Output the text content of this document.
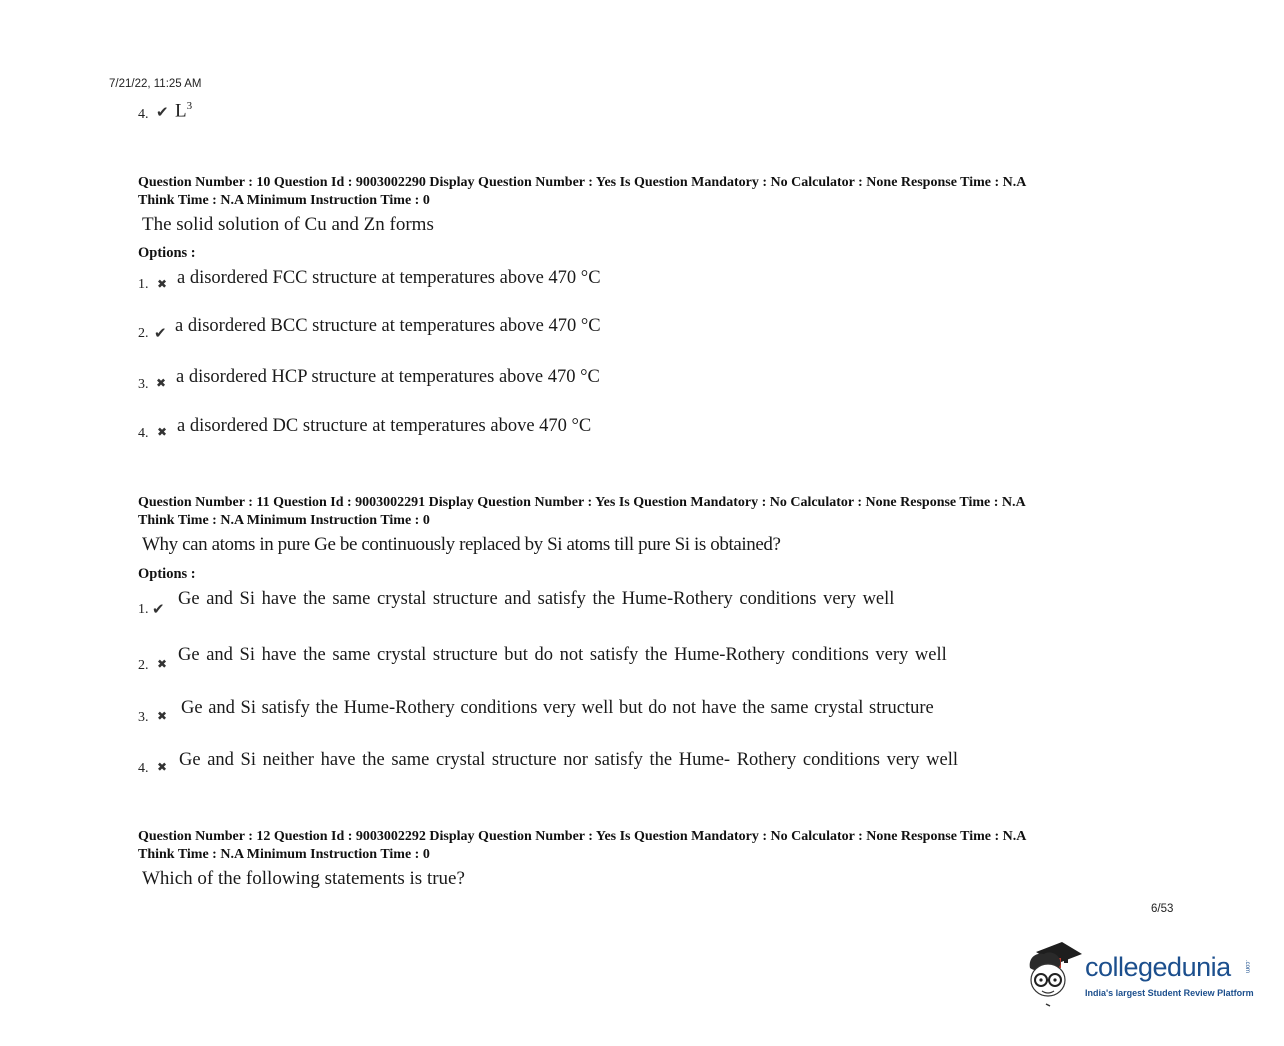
7/21/22, 11:25 AM
4. ✔ $L^3$
Question Number : 10 Question Id : 9003002290 Display Question Number : Yes Is Question Mandatory : No Calculator : None Response Time : N.A
Think Time : N.A Minimum Instruction Time : 0
The solid solution of Cu and Zn forms
Options :
1. ✖ a disordered FCC structure at temperatures above 470 °C
2. ✔ a disordered BCC structure at temperatures above 470 °C
3. ✖ a disordered HCP structure at temperatures above 470 °C
4. ✖ a disordered DC structure at temperatures above 470 °C
Question Number : 11 Question Id : 9003002291 Display Question Number : Yes Is Question Mandatory : No Calculator : None Response Time : N.A
Think Time : N.A Minimum Instruction Time : 0
Why can atoms in pure Ge be continuously replaced by Si atoms till pure Si is obtained?
Options :
1. ✔
Ge and Si have the same crystal structure and satisfy the Hume-Rothery conditions very well
2. ✖ Ge and Si have the same crystal structure but do not satisfy the Hume-Rothery conditions very well
3. ✖ Ge and Si satisfy the Hume-Rothery conditions very well but do not have the same crystal structure
4. ✖ Ge and Si neither have the same crystal structure nor satisfy the Hume- Rothery conditions very well
Question Number : 12 Question Id : 9003002292 Display Question Number : Yes Is Question Mandatory : No Calculator : None Response Time : N.A
Think Time : N.A Minimum Instruction Time : 0
Which of the following statements is true?
6/53
collegedunia .com
India's largest Student Review Platform
